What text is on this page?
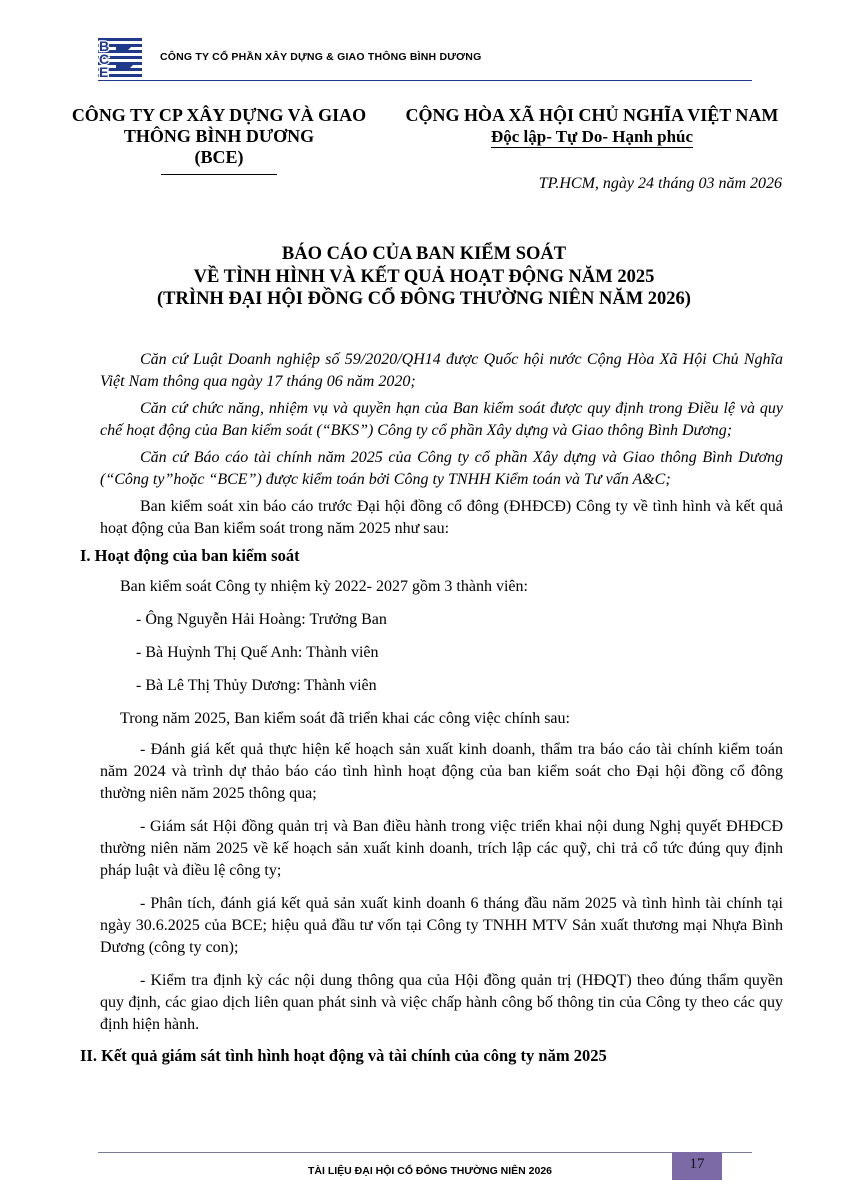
B
C
E
CÔNG TY CỔ PHẦN XÂY DỰNG & GIAO THÔNG BÌNH DƯƠNG
CÔNG TY CP XÂY DỰNG VÀ GIAO
THÔNG BÌNH DƯƠNG
(BCE)
CỘNG HÒA XÃ HỘI CHỦ NGHĨA VIỆT NAM
Độc lập- Tự Do- Hạnh phúc
TP.HCM, ngày 24 tháng 03 năm 2026
BÁO CÁO CỦA BAN KIỂM SOÁT
VỀ TÌNH HÌNH VÀ KẾT QUẢ HOẠT ĐỘNG NĂM 2025
(TRÌNH ĐẠI HỘI ĐỒNG CỔ ĐÔNG THƯỜNG NIÊN NĂM 2026)

Căn cứ Luật Doanh nghiệp số 59/2020/QH14 được Quốc hội nước Cộng Hòa Xã Hội Chủ Nghĩa Việt Nam thông qua ngày 17 tháng 06 năm 2020;

Căn cứ chức năng, nhiệm vụ và quyền hạn của Ban kiểm soát được quy định trong Điều lệ và quy chế hoạt động của Ban kiểm soát (“BKS”) Công ty cổ phần Xây dựng và Giao thông Bình Dương;

Căn cứ Báo cáo tài chính năm 2025 của Công ty cổ phần Xây dựng và Giao thông Bình Dương (“Công ty”hoặc “BCE”) được kiểm toán bởi Công ty TNHH Kiểm toán và Tư vấn A&C;

Ban kiểm soát xin báo cáo trước Đại hội đồng cổ đông (ĐHĐCĐ) Công ty về tình hình và kết quả hoạt động của Ban kiểm soát trong năm 2025 như sau:

I. Hoạt động của ban kiểm soát

Ban kiểm soát Công ty nhiệm kỳ 2022- 2027 gồm 3 thành viên:

- Ông Nguyễn Hải Hoàng: Trưởng Ban

- Bà Huỳnh Thị Quế Anh: Thành viên

- Bà Lê Thị Thủy Dương: Thành viên

Trong năm 2025, Ban kiểm soát đã triển khai các công việc chính sau:

- Đánh giá kết quả thực hiện kế hoạch sản xuất kinh doanh, thẩm tra báo cáo tài chính kiểm toán năm 2024 và trình dự thảo báo cáo tình hình hoạt động của ban kiểm soát cho Đại hội đồng cổ đông thường niên năm 2025 thông qua;

- Giám sát Hội đồng quản trị và Ban điều hành trong việc triển khai nội dung Nghị quyết ĐHĐCĐ thường niên năm 2025 về kế hoạch sản xuất kinh doanh, trích lập các quỹ, chi trả cổ tức đúng quy định pháp luật và điều lệ công ty;

- Phân tích, đánh giá kết quả sản xuất kinh doanh 6 tháng đầu năm 2025 và tình hình tài chính tại ngày 30.6.2025 của BCE; hiệu quả đầu tư vốn tại Công ty TNHH MTV Sản xuất thương mại Nhựa Bình Dương (công ty con);

- Kiểm tra định kỳ các nội dung thông qua của Hội đồng quản trị (HĐQT) theo đúng thẩm quyền quy định, các giao dịch liên quan phát sinh và việc chấp hành công bố thông tin của Công ty theo các quy định hiện hành.

II. Kết quả giám sát tình hình hoạt động và tài chính của công ty năm 2025

TÀI LIỆU ĐẠI HỘI CỔ ĐÔNG THƯỜNG NIÊN 2026	17
